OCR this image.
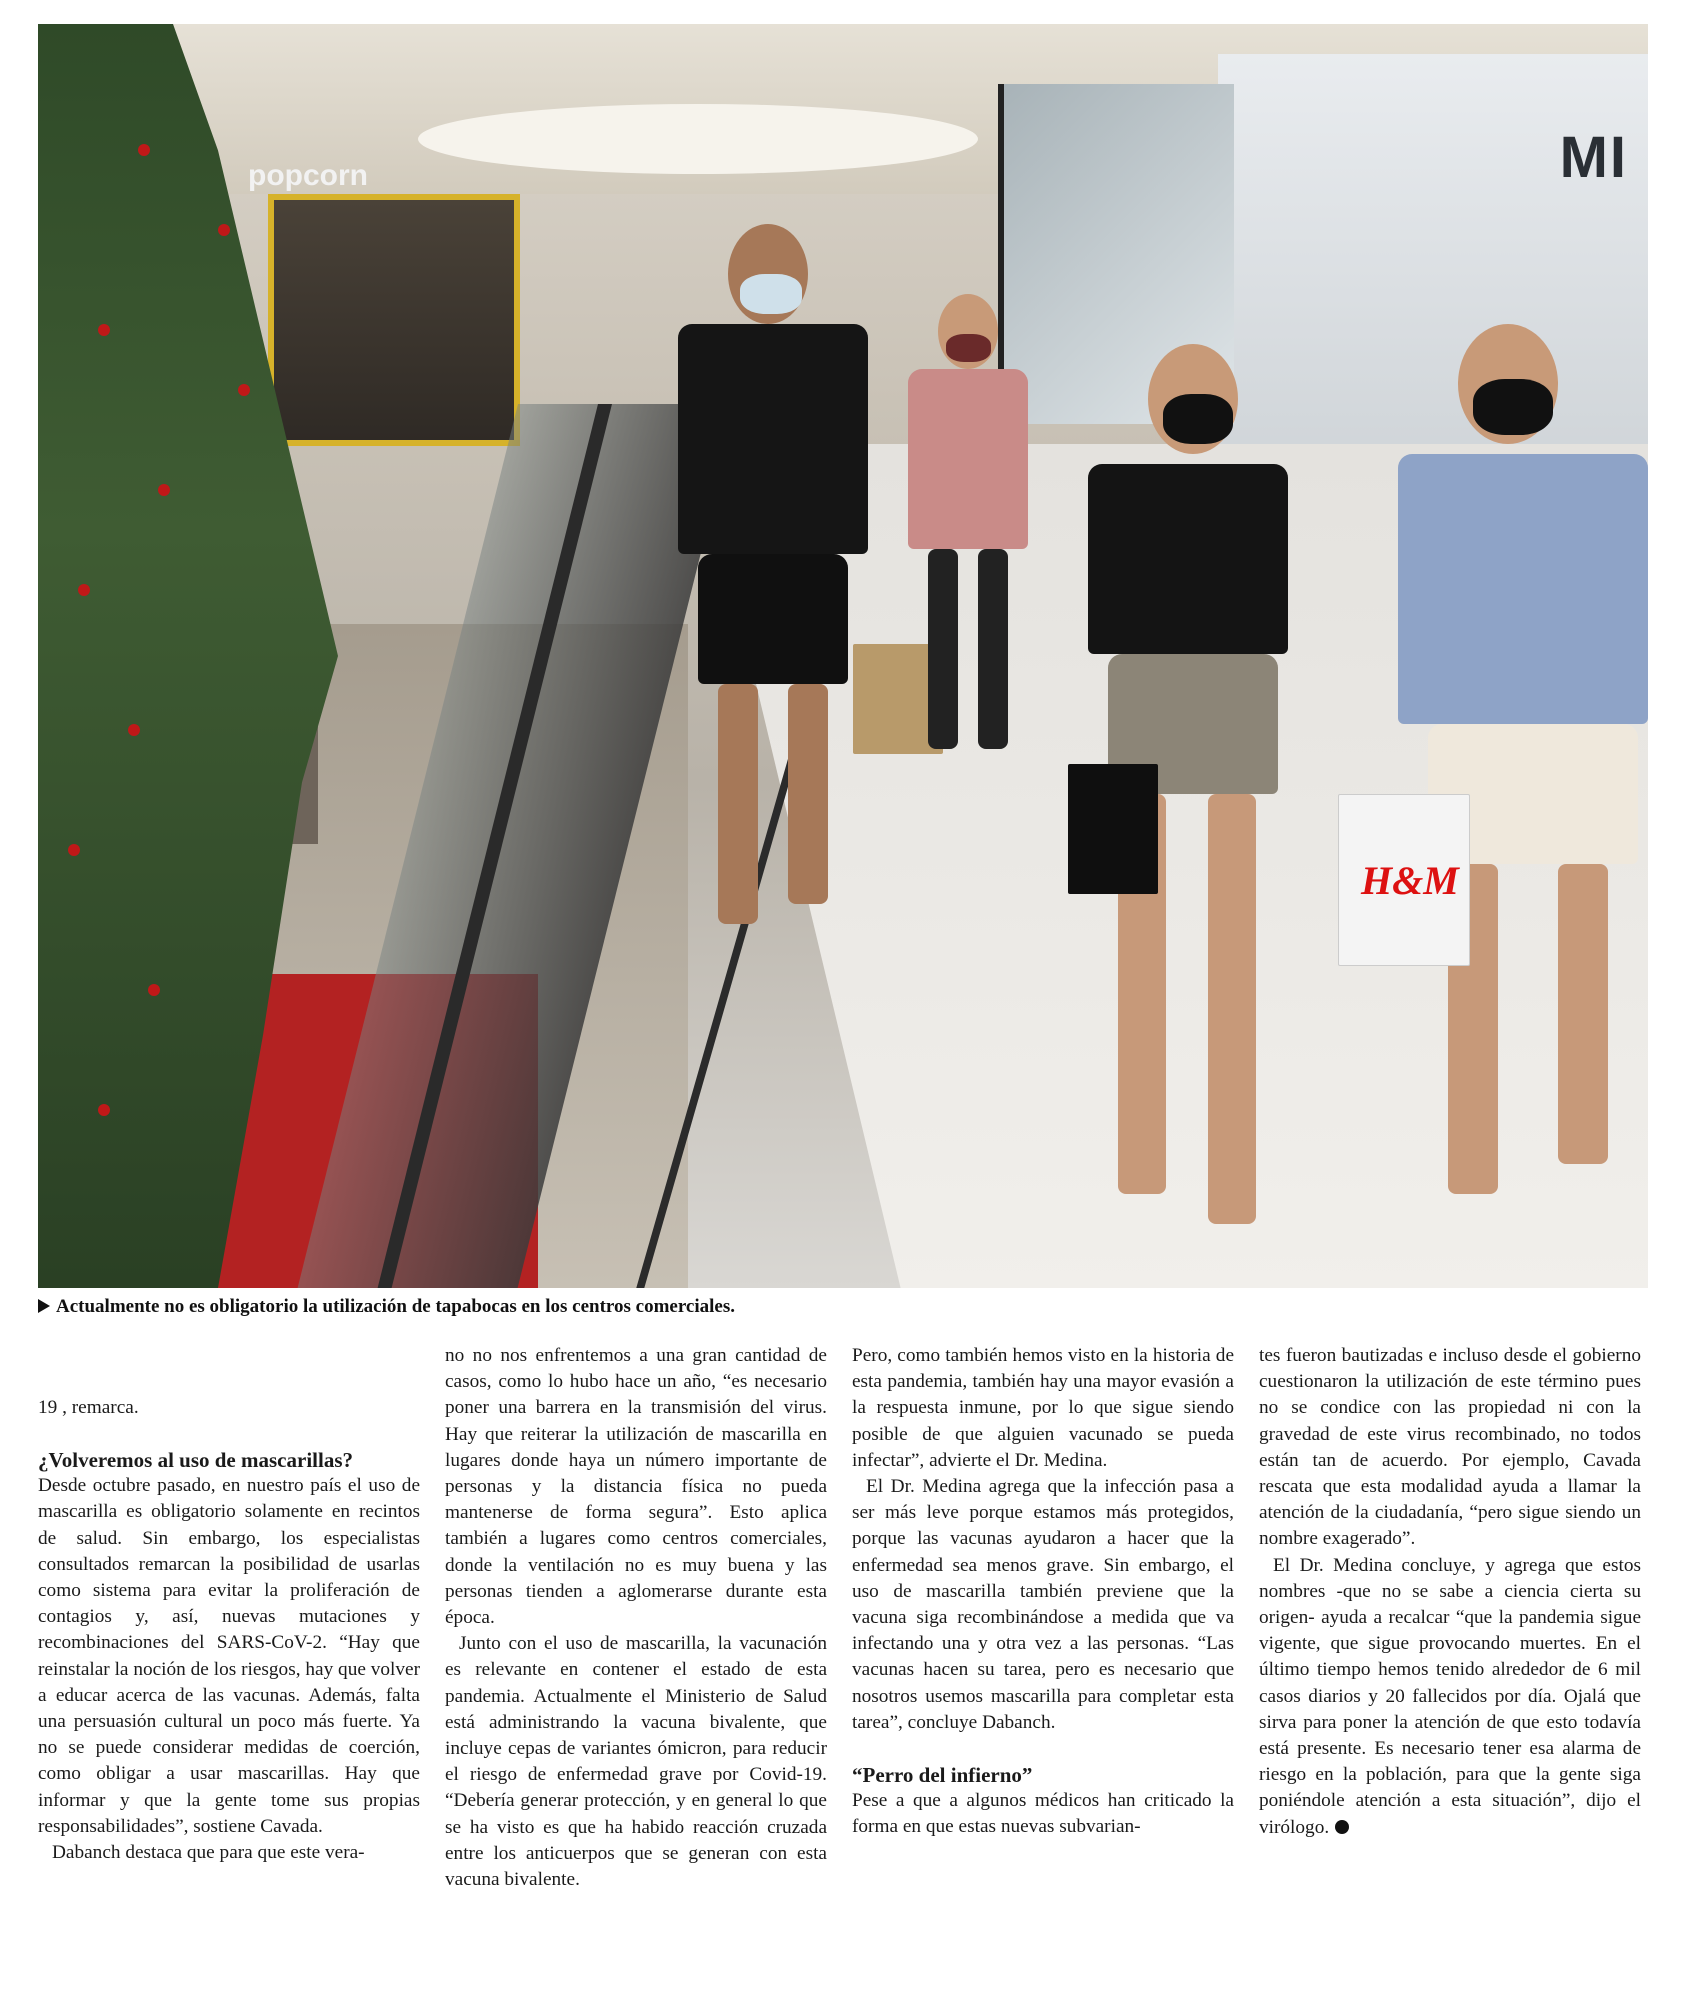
MI
popcorn
H&M
Actualmente no es obligatorio la utilización de tapabocas en los centros comerciales.

19 , remarca.

¿Volveremos al uso de mascarillas?

Desde octubre pasado, en nuestro país el uso de mascarilla es obligatorio solamente en recintos de salud. Sin embargo, los especialistas consultados remarcan la posibilidad de usarlas como sistema para evitar la proliferación de contagios y, así, nuevas mutaciones y recombinaciones del SARS-CoV-2. “Hay que reinstalar la noción de los riesgos, hay que volver a educar acerca de las vacunas. Además, falta una persuasión cultural un poco más fuerte. Ya no se puede considerar medidas de coerción, como obligar a usar mascarillas. Hay que informar y que la gente tome sus propias responsabilidades”, sostiene Cavada.

Dabanch destaca que para que este vera-

no no nos enfrentemos a una gran cantidad de casos, como lo hubo hace un año, “es necesario poner una barrera en la transmisión del virus. Hay que reiterar la utilización de mascarilla en lugares donde haya un número importante de personas y la distancia física no pueda mantenerse de forma segura”. Esto aplica también a lugares como centros comerciales, donde la ventilación no es muy buena y las personas tienden a aglomerarse durante esta época.

Junto con el uso de mascarilla, la vacunación es relevante en contener el estado de esta pandemia. Actualmente el Ministerio de Salud está administrando la vacuna bivalente, que incluye cepas de variantes ómicron, para reducir el riesgo de enfermedad grave por Covid-19. “Debería generar protección, y en general lo que se ha visto es que ha habido reacción cruzada entre los anticuerpos que se generan con esta vacuna bivalente.

Pero, como también hemos visto en la historia de esta pandemia, también hay una mayor evasión a la respuesta inmune, por lo que sigue siendo posible de que alguien vacunado se pueda infectar”, advierte el Dr. Medina.

El Dr. Medina agrega que la infección pasa a ser más leve porque estamos más protegidos, porque las vacunas ayudaron a hacer que la enfermedad sea menos grave. Sin embargo, el uso de mascarilla también previene que la vacuna siga recombinándose a medida que va infectando una y otra vez a las personas. “Las vacunas hacen su tarea, pero es necesario que nosotros usemos mascarilla para completar esta tarea”, concluye Dabanch.

“Perro del infierno”

Pese a que a algunos médicos han criticado la forma en que estas nuevas subvarian-

tes fueron bautizadas e incluso desde el gobierno cuestionaron la utilización de este término pues no se condice con las propiedad ni con la gravedad de este virus recombinado, no todos están tan de acuerdo. Por ejemplo, Cavada rescata que esta modalidad ayuda a llamar la atención de la ciudadanía, “pero sigue siendo un nombre exagerado”.

El Dr. Medina concluye, y agrega que estos nombres -que no se sabe a ciencia cierta su origen- ayuda a recalcar “que la pandemia sigue vigente, que sigue provocando muertes. En el último tiempo hemos tenido alrededor de 6 mil casos diarios y 20 fallecidos por día. Ojalá que sirva para poner la atención de que esto todavía está presente. Es necesario tener esa alarma de riesgo en la población, para que la gente siga poniéndole atención a esta situación”, dijo el virólogo.
